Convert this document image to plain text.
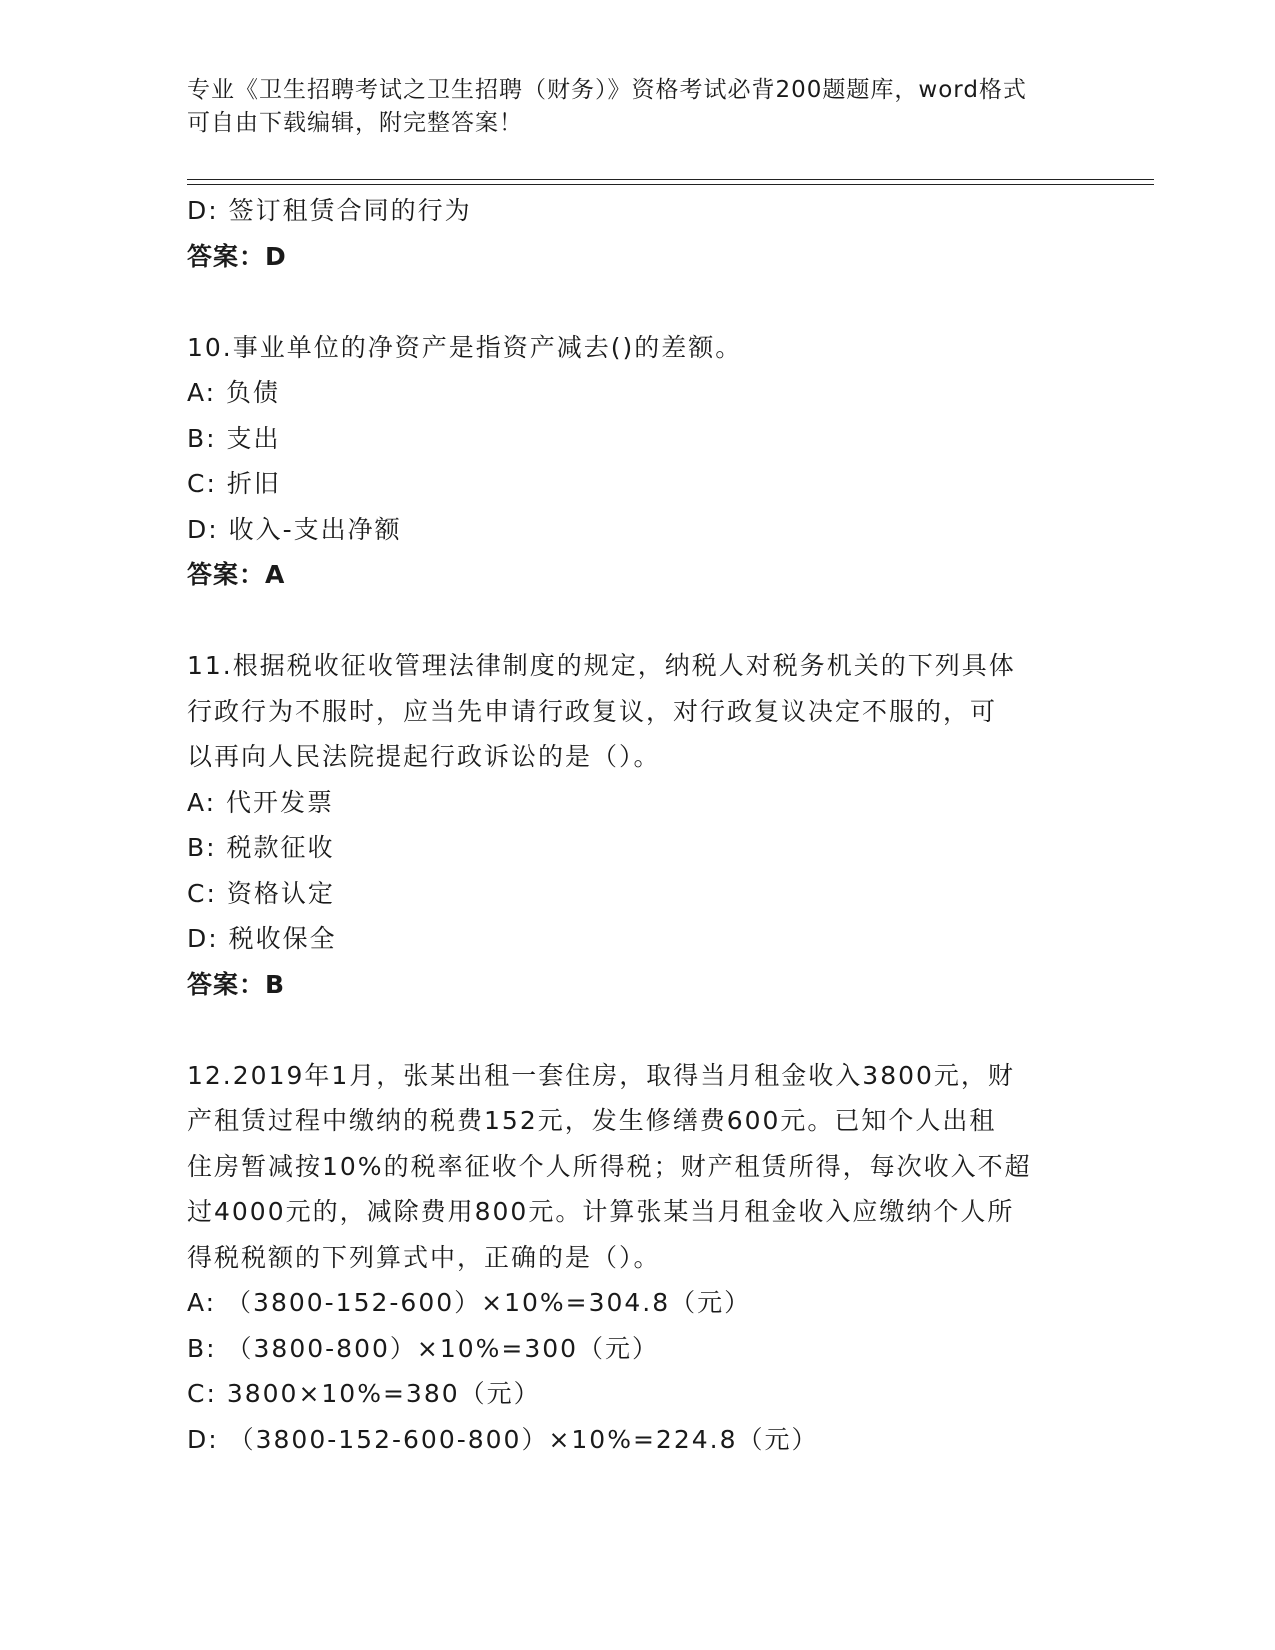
专业《卫生招聘考试之卫生招聘（财务）》资格考试必背200题题库，word格式
可自由下载编辑，附完整答案！
D: 签订租赁合同的行为
答案：D
10.事业单位的净资产是指资产减去()的差额。
A: 负债
B: 支出
C: 折旧
D: 收入-支出净额
答案：A
11.根据税收征收管理法律制度的规定，纳税人对税务机关的下列具体
行政行为不服时，应当先申请行政复议，对行政复议决定不服的，可
以再向人民法院提起行政诉讼的是（）。
A: 代开发票
B: 税款征收
C: 资格认定
D: 税收保全
答案：B
12.2019年1月，张某出租一套住房，取得当月租金收入3800元，财
产租赁过程中缴纳的税费152元，发生修缮费600元。已知个人出租
住房暂减按10%的税率征收个人所得税；财产租赁所得，每次收入不超
过4000元的，减除费用800元。计算张某当月租金收入应缴纳个人所
得税税额的下列算式中，正确的是（）。
A: （3800-152-600）×10%=304.8（元）
B: （3800-800）×10%=300（元）
C: 3800×10%=380（元）
D: （3800-152-600-800）×10%=224.8（元）
